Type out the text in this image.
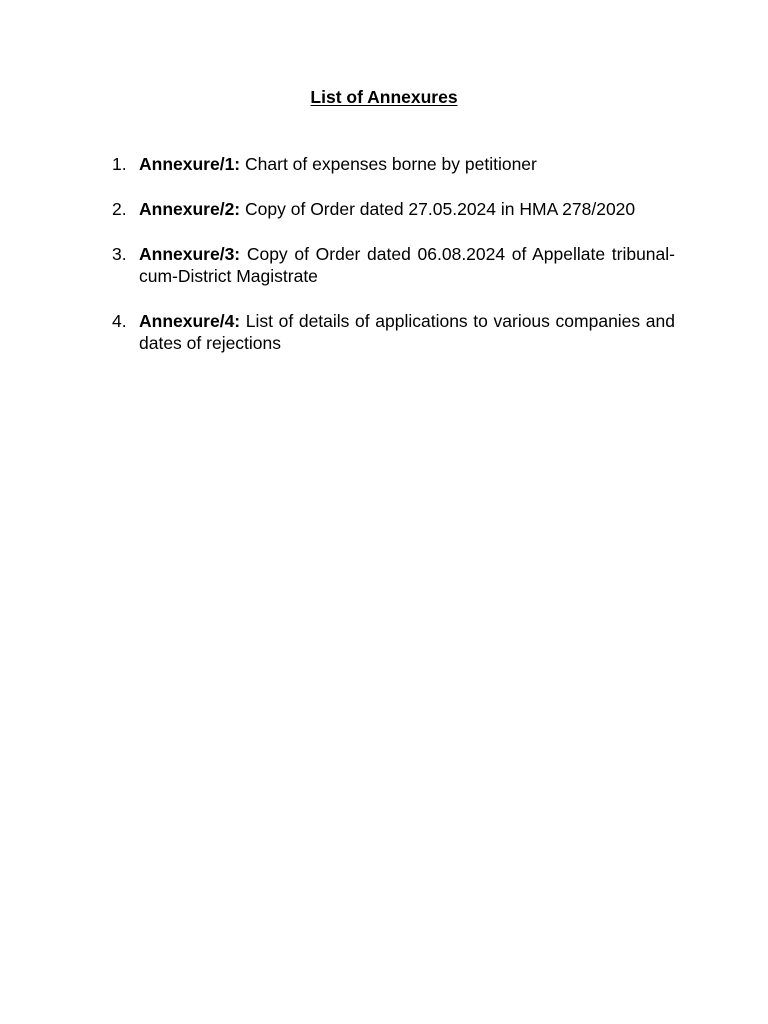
List of Annexures
1. Annexure/1: Chart of expenses borne by petitioner
2. Annexure/2: Copy of Order dated 27.05.2024 in HMA 278/2020
3. Annexure/3: Copy of Order dated 06.08.2024 of Appellate tribunal-cum-District Magistrate
4. Annexure/4: List of details of applications to various companies and dates of rejections
